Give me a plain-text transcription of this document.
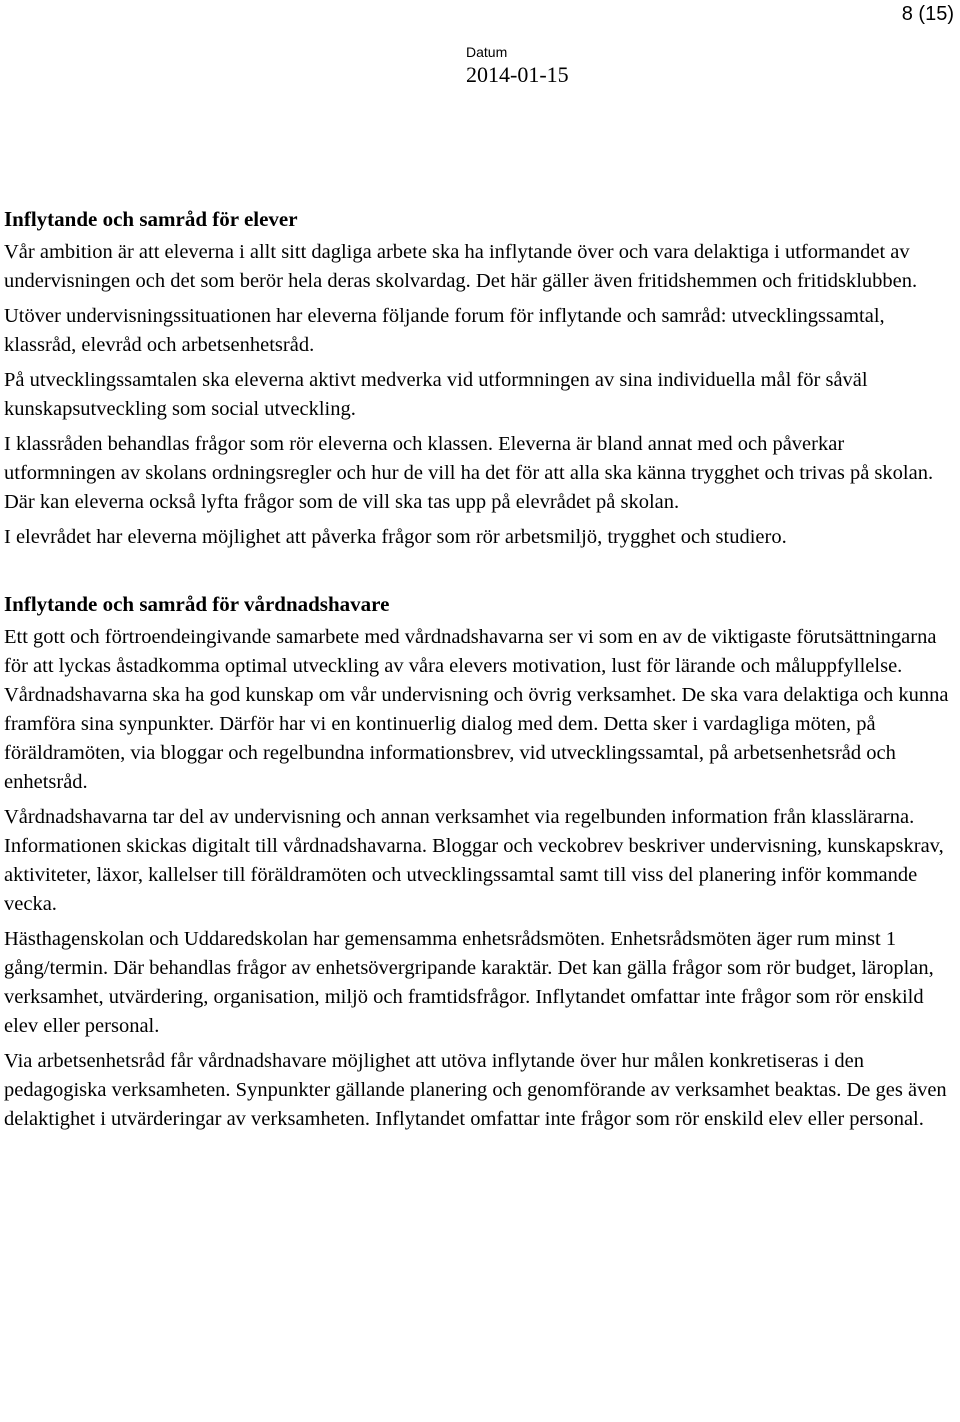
8 (15)
Datum
2014-01-15
Inflytande och samråd för elever

Vår ambition är att eleverna i allt sitt dagliga arbete ska ha inflytande över och vara delaktiga i utformandet av undervisningen och det som berör hela deras skolvardag. Det här gäller även fritidshemmen och fritidsklubben.

Utöver undervisningssituationen har eleverna följande forum för inflytande och samråd: utvecklingssamtal, klassråd, elevråd och arbetsenhetsråd.

På utvecklingssamtalen ska eleverna aktivt medverka vid utformningen av sina individuella mål för såväl kunskapsutveckling som social utveckling.

I klassråden behandlas frågor som rör eleverna och klassen. Eleverna är bland annat med och påverkar utformningen av skolans ordningsregler och hur de vill ha det för att alla ska känna trygghet och trivas på skolan. Där kan eleverna också lyfta frågor som de vill ska tas upp på elevrådet på skolan.

I elevrådet har eleverna möjlighet att påverka frågor som rör arbetsmiljö, trygghet och studiero.

Inflytande och samråd för vårdnadshavare

Ett gott och förtroendeingivande samarbete med vårdnadshavarna ser vi som en av de viktigaste förutsättningarna för att lyckas åstadkomma optimal utveckling av våra elevers motivation, lust för lärande och måluppfyllelse. Vårdnadshavarna ska ha god kunskap om vår undervisning och övrig verksamhet. De ska vara delaktiga och kunna framföra sina synpunkter. Därför har vi en kontinuerlig dialog med dem. Detta sker i vardagliga möten, på föräldramöten, via bloggar och regelbundna informationsbrev, vid utvecklingssamtal, på arbetsenhetsråd och enhetsråd.

Vårdnadshavarna tar del av undervisning och annan verksamhet via regelbunden information från klasslärarna. Informationen skickas digitalt till vårdnadshavarna. Bloggar och veckobrev beskriver undervisning, kunskapskrav, aktiviteter, läxor, kallelser till föräldramöten och utvecklingssamtal samt till viss del planering inför kommande vecka.

Hästhagenskolan och Uddaredskolan har gemensamma enhetsrådsmöten. Enhetsrådsmöten äger rum minst 1 gång/termin. Där behandlas frågor av enhetsövergripande karaktär. Det kan gälla frågor som rör budget, läroplan, verksamhet, utvärdering, organisation, miljö och framtidsfrågor. Inflytandet omfattar inte frågor som rör enskild elev eller personal.

Via arbetsenhetsråd får vårdnadshavare möjlighet att utöva inflytande över hur målen konkretiseras i den pedagogiska verksamheten. Synpunkter gällande planering och genomförande av verksamhet beaktas. De ges även delaktighet i utvärderingar av verksamheten. Inflytandet omfattar inte frågor som rör enskild elev eller personal.
